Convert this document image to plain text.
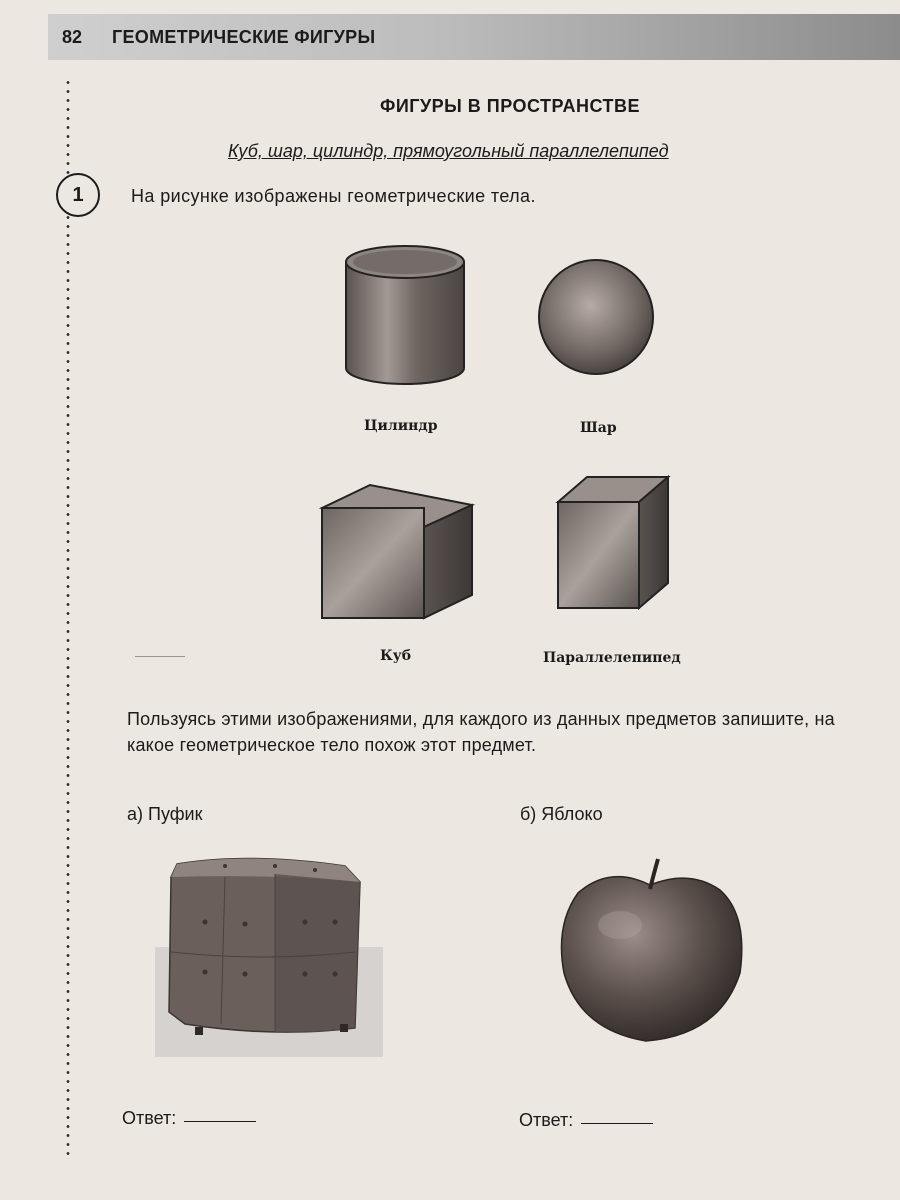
82 ГЕОМЕТРИЧЕСКИЕ ФИГУРЫ
ФИГУРЫ В ПРОСТРАНСТВЕ
Куб, шар, цилиндр, прямоугольный параллелепипед
1	На рисунке изображены геометрические тела.
Цилиндр	Шар
Куб	Параллелепипед
Пользуясь этими изображениями, для каждого из данных предметов запишите, на какое геометрическое тело похож этот предмет.
а) Пуфик	б) Яблоко
Ответ:	Ответ:
